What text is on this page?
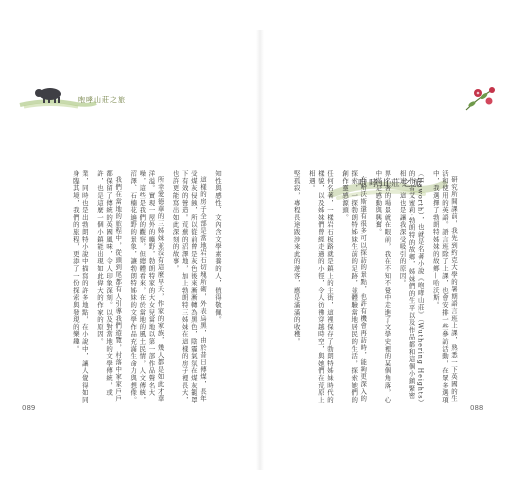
咆哮山莊之旅

知性與感性、文內含文學素養的人，值得敬佩。

這樣的房子全部是當地岩石切塊所砌，外表烏黑，由於昔日傳煤，長年受煤灰侵蝕，所以從前曾是灰色後來漸漸轉為黑色，陰霾氣氛在煤灰籠罩下有效的營造。荒蕪的沼澤地，加上勃朗特三姊妹在這樣的房子裡長大，也許更能寫出如此深刻的故事。

所幸愛德華的三姊妹並沒有這麼早夭，作家的家族，幾人都是如此才華洋溢。實現一屋外的曠野，勃朗特家的大女兒當地以第一部作品聲名大噪，這些是我們的觀察，但總體看來，在於當地的風土民情，人文傳統，沼澤、石楠花遍野的景象，讓勃朗特姊妹的文學作品充滿生命力與想像。

我們在當地的旅程中，從頭到尾都有人引導我們遊覽，村落中家家戶戶都保留了傳統的英國風味，令人印象深刻。以及對當地的文學傳統，或許，也是這麼一個小鎮能出現如此偉大的作家的原因。

業，同時也是出勃朗特小說中描寫的許多地點，在小說中，讓人覺得如同身臨其境，我們的旅程，更添了一份探索與發現的樂趣。	咆哮山莊之旅	研究所開課前，我先到約克大學的暑期語言班上課，熟悉一下英國的生活和使用的英語。語言班除了上課，也會安排一些參訪活動，在眾多選項中，我選擇了勃朗特姊妹的故鄉—哈沃斯。

（Haworth），也就是名著小說《咆哮山莊》（Wuthering Heights）的作者艾蜜莉·勃朗特的故鄉，姊妹們的生平以及作品都和這個小鎮緊密相連，這也是讓我深受吸引的原因。

界名著的場景就在眼前，我在不知不覺中走進了文學史裡的某個角落，心中滿是感動與興奮。

在哈沃斯還有很多可以探訪的景點，也許有機會再訪時，能夠更深入的探索，一探勃朗特姊妹生前的足跡，並體驗當地居民的生活，探索她們的創作靈感源頭。

任何名著，一樣岩石板路就是鎮上的主街，這裡保存了勃朗特姊妹時代的樣貌，以及姊妹們曾經走過的小徑，令人彷彿穿越時空，與她們在荒原上相遇。

堅孤寂，專程長途跋涉來此的遊客，應是滿滿的收穫。

089	088
